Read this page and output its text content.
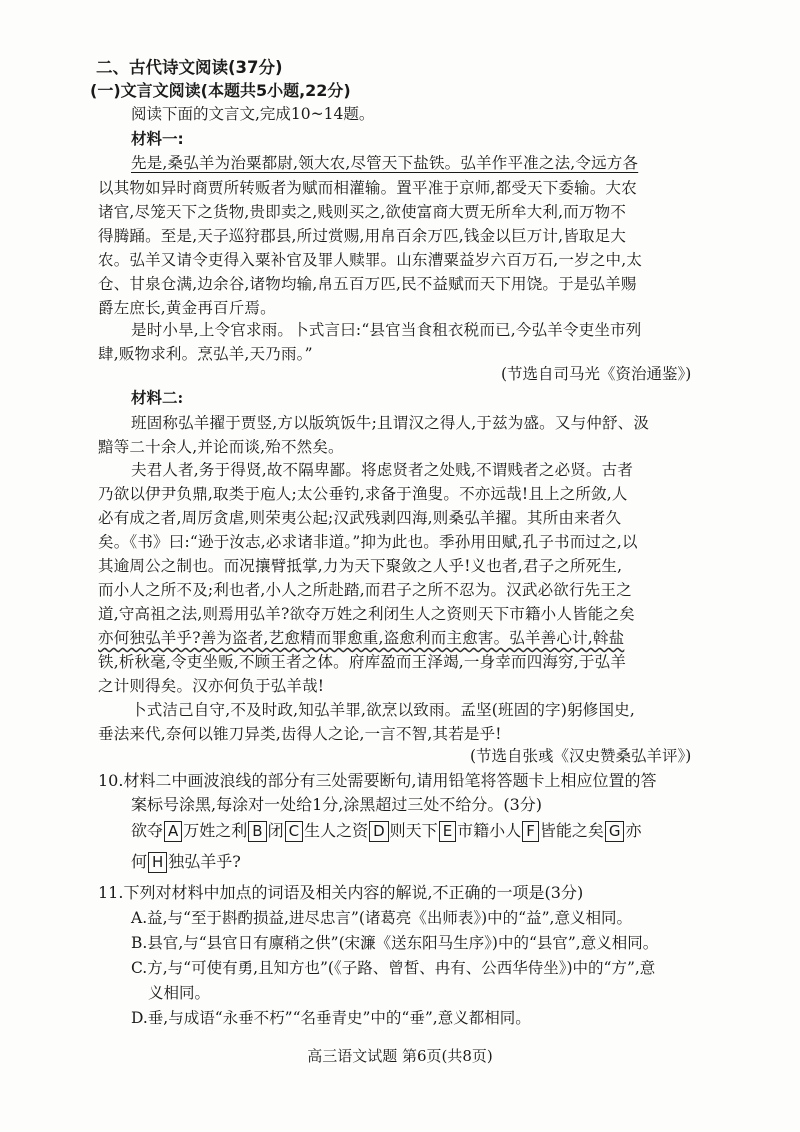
二、古代诗文阅读(37分)
(一)文言文阅读(本题共5小题,22分)
阅读下面的文言文,完成10~14题。
材料一:
先是,桑弘羊为治粟都尉,领大农,尽管天下盐铁。弘羊作平准之法,令远方各
以其物如异时商贾所转贩者为赋而相灌输。置平准于京师,都受天下委输。大农
诸官,尽笼天下之货物,贵即卖之,贱则买之,欲使富商大贾无所牟大利,而万物不
得腾踊。至是,天子巡狩郡县,所过赏赐,用帛百余万匹,钱金以巨万计,皆取足大
农。弘羊又请令吏得入粟补官及罪人赎罪。山东漕粟益岁六百万石,一岁之中,太
仓、甘泉仓满,边余谷,诸物均输,帛五百万匹,民不益赋而天下用饶。于是弘羊赐
爵左庶长,黄金再百斤焉。
是时小旱,上令官求雨。卜式言曰:“县官当食租衣税而已,今弘羊令吏坐市列
肆,贩物求利。烹弘羊,天乃雨。”
(节选自司马光《资治通鉴》)
材料二:
班固称弘羊擢于贾竖,方以版筑饭牛;且谓汉之得人,于兹为盛。又与仲舒、汲
黯等二十余人,并论而谈,殆不然矣。
夫君人者,务于得贤,故不隔卑鄙。将虑贤者之处贱,不谓贱者之必贤。古者
乃欲以伊尹负鼎,取类于庖人;太公垂钓,求备于渔叟。不亦远哉!且上之所敛,人
必有成之者,周厉贪虐,则荣夷公起;汉武残剥四海,则桑弘羊擢。其所由来者久
矣。《书》曰:“逊于汝志,必求诸非道。”抑为此也。季孙用田赋,孔子书而过之,以
其逾周公之制也。而况攘臂抵掌,力为天下聚敛之人乎!义也者,君子之所死生,
而小人之所不及;利也者,小人之所赴踏,而君子之所不忍为。汉武必欲行先王之
道,守高祖之法,则焉用弘羊?欲夺万姓之利闭生人之资则天下市籍小人皆能之矣
亦何独弘羊乎?善为盗者,艺愈精而罪愈重,盗愈利而主愈害。弘羊善心计,斡盐
铁,析秋毫,令吏坐贩,不顾王者之体。府库盈而王泽竭,一身幸而四海穷,于弘羊
之计则得矣。汉亦何负于弘羊哉!
卜式洁己自守,不及时政,知弘羊罪,欲烹以致雨。孟坚(班固的字)躬修国史,
垂法来代,奈何以锥刀异类,齿得人之论,一言不智,其若是乎!
(节选自张彧《汉史赞桑弘羊评》)
10.材料二中画波浪线的部分有三处需要断句,请用铅笔将答题卡上相应位置的答
案标号涂黑,每涂对一处给1分,涂黑超过三处不给分。(3分)
欲夺 A 万姓之利 B 闭 C 生人之资 D 则天下 E 市籍小人 F 皆能之矣 G 亦
何 H 独弘羊乎?
11.下列对材料中加点的词语及相关内容的解说,不正确的一项是(3分)
A.益,与“至于斟酌损益,进尽忠言”(诸葛亮《出师表》)中的“益”,意义相同。
B.县官,与“县官日有廪稍之供”(宋濂《送东阳马生序》)中的“县官”,意义相同。
C.方,与“可使有勇,且知方也”(《子路、曾皙、冉有、公西华侍坐》)中的“方”,意
义相同。
D.垂,与成语“永垂不朽”“名垂青史”中的“垂”,意义都相同。
高三语文试题 第6页(共8页)
